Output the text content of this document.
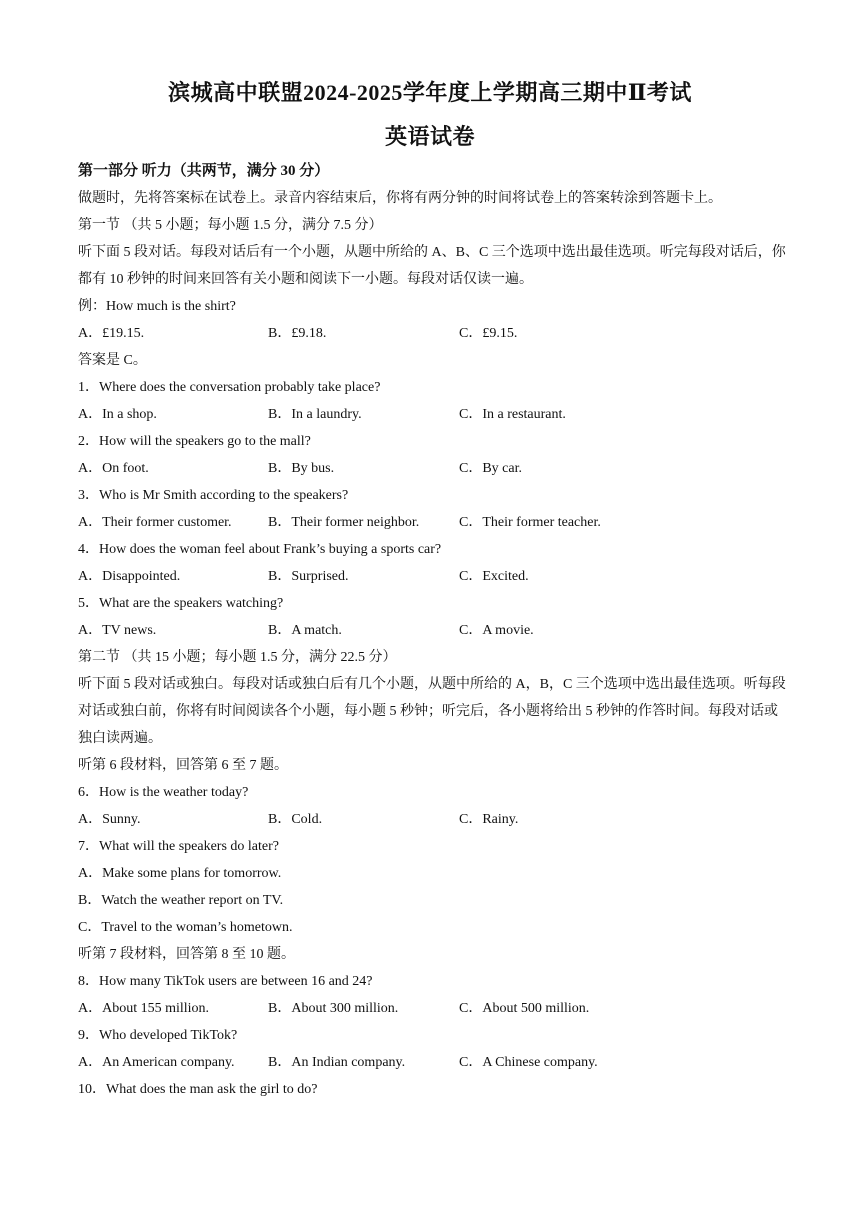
滨城高中联盟2024-2025学年度上学期高三期中Ⅱ考试
英语试卷
第一部分 听力（共两节，满分 30 分）
做题时，先将答案标在试卷上。录音内容结束后，你将有两分钟的时间将试卷上的答案转涂到答题卡上。
第一节 （共 5 小题；每小题 1.5 分，满分 7.5 分）
听下面 5 段对话。每段对话后有一个小题，从题中所给的 A、B、C 三个选项中选出最佳选项。听完每段对话后，你都有 10 秒钟的时间来回答有关小题和阅读下一小题。每段对话仅读一遍。
例：How much is the shirt?
A．£19.15.	B．£9.18.	C．£9.15.
答案是 C。
1．Where does the conversation probably take place?
A．In a shop.	B．In a laundry.	C．In a restaurant.
2．How will the speakers go to the mall?
A．On foot.	B．By bus.	C．By car.
3．Who is Mr Smith according to the speakers?
A．Their former customer.	B．Their former neighbor.	C．Their former teacher.
4．How does the woman feel about Frank’s buying a sports car?
A．Disappointed.	B．Surprised.	C．Excited.
5．What are the speakers watching?
A．TV news.	B．A match.	C．A movie.
第二节 （共 15 小题；每小题 1.5 分，满分 22.5 分）
听下面 5 段对话或独白。每段对话或独白后有几个小题，从题中所给的 A，B，C 三个选项中选出最佳选项。听每段对话或独白前，你将有时间阅读各个小题，每小题 5 秒钟；听完后，各小题将给出 5 秒钟的作答时间。每段对话或独白读两遍。
听第 6 段材料，回答第 6 至 7 题。
6．How is the weather today?
A．Sunny.	B．Cold.	C．Rainy.
7．What will the speakers do later?
A．Make some plans for tomorrow.
B．Watch the weather report on TV.
C．Travel to the woman’s hometown.
听第 7 段材料，回答第 8 至 10 题。
8．How many TikTok users are between 16 and 24?
A．About 155 million.	B．About 300 million.	C．About 500 million.
9．Who developed TikTok?
A．An American company. B．An Indian company.	C．A Chinese company.
10．What does the man ask the girl to do?
